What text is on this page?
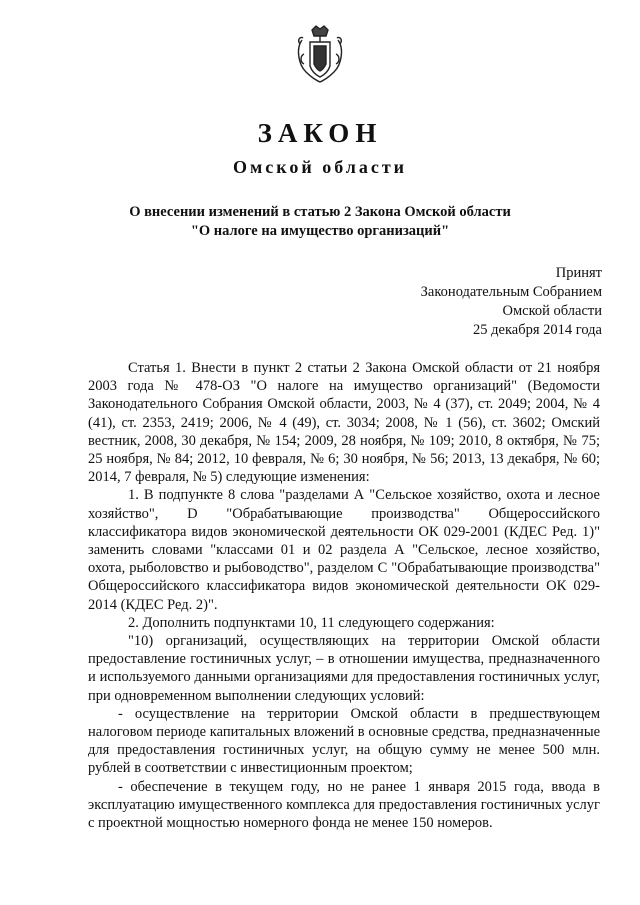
ЗАКОН
Омской области
О внесении изменений в статью 2 Закона Омской области
"О налоге на имущество организаций"
Принят
Законодательным Собранием
Омской области
25 декабря 2014 года

Статья 1. Внести в пункт 2 статьи 2 Закона Омской области от 21 ноября 2003 года № 478-ОЗ "О налоге на имущество организаций" (Ведомости Законодательного Собрания Омской области, 2003, № 4 (37), ст. 2049; 2004, № 4 (41), ст. 2353, 2419; 2006, № 4 (49), ст. 3034; 2008, № 1 (56), ст. 3602; Омский вестник, 2008, 30 декабря, № 154; 2009, 28 ноября, № 109; 2010, 8 октября, № 75; 25 ноября, № 84; 2012, 10 февраля, № 6; 30 ноября, № 56; 2013, 13 декабря, № 60; 2014, 7 февраля, № 5) следующие изменения:

1. В подпункте 8 слова "разделами А "Сельское хозяйство, охота и лесное хозяйство", D "Обрабатывающие производства" Общероссийского классификатора видов экономической деятельности ОК 029-2001 (КДЕС Ред. 1)" заменить словами "классами 01 и 02 раздела А "Сельское, лесное хозяйство, охота, рыболовство и рыбоводство", разделом С "Обрабатывающие производства" Общероссийского классификатора видов экономической деятельности ОК 029-2014 (КДЕС Ред. 2)".

2. Дополнить подпунктами 10, 11 следующего содержания:

"10) организаций, осуществляющих на территории Омской области предоставление гостиничных услуг, – в отношении имущества, предназначенного и используемого данными организациями для предоставления гостиничных услуг, при одновременном выполнении следующих условий:

- осуществление на территории Омской области в предшествующем налоговом периоде капитальных вложений в основные средства, предназначенные для предоставления гостиничных услуг, на общую сумму не менее 500 млн. рублей в соответствии с инвестиционным проектом;

- обеспечение в текущем году, но не ранее 1 января 2015 года, ввода в эксплуатацию имущественного комплекса для предоставления гостиничных услуг с проектной мощностью номерного фонда не менее 150 номеров.
